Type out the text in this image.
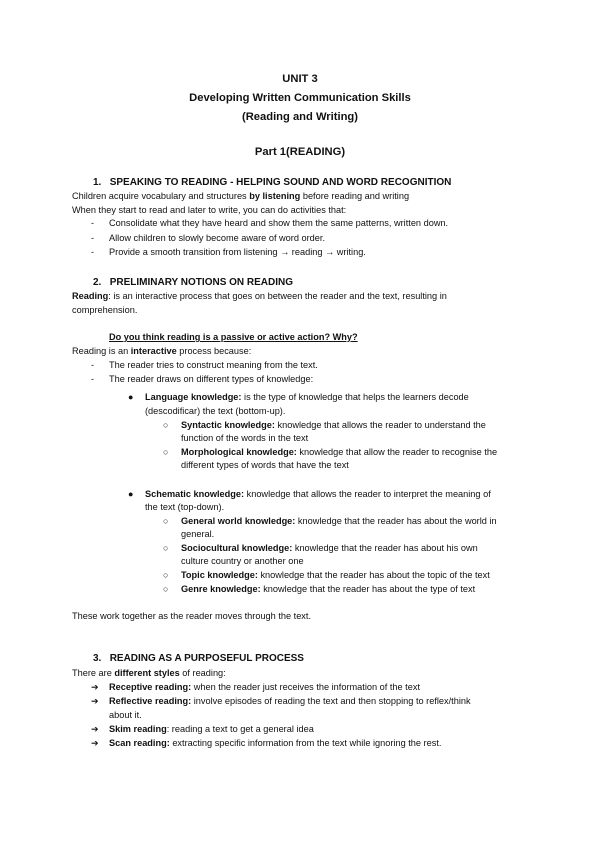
UNIT 3
Developing Written Communication Skills
(Reading and Writing)
Part 1(READING)
1. SPEAKING TO READING - HELPING SOUND AND WORD RECOGNITION
Children acquire vocabulary and structures by listening before reading and writing
When they start to read and later to write, you can do activities that:
- Consolidate what they have heard and show them the same patterns, written down.
- Allow children to slowly become aware of word order.
- Provide a smooth transition from listening → reading → writing.
2. PRELIMINARY NOTIONS ON READING
Reading: is an interactive process that goes on between the reader and the text, resulting in
comprehension.
Do you think reading is a passive or active action? Why?
Reading is an interactive process because:
- The reader tries to construct meaning from the text.
- The reader draws on different types of knowledge:
● Language knowledge: is the type of knowledge that helps the learners decode
(descodificar) the text (bottom-up).
○ Syntactic knowledge: knowledge that allows the reader to understand the
function of the words in the text
○ Morphological knowledge: knowledge that allow the reader to recognise the
different types of words that have the text
● Schematic knowledge: knowledge that allows the reader to interpret the meaning of
the text (top-down).
○ General world knowledge: knowledge that the reader has about the world in
general.
○ Sociocultural knowledge: knowledge that the reader has about his own
culture country or another one
○ Topic knowledge: knowledge that the reader has about the topic of the text
○ Genre knowledge: knowledge that the reader has about the type of text
These work together as the reader moves through the text.
3. READING AS A PURPOSEFUL PROCESS
There are different styles of reading:
➔ Receptive reading: when the reader just receives the information of the text
➔ Reflective reading: involve episodes of reading the text and then stopping to reflex/think
about it.
➔ Skim reading: reading a text to get a general idea
➔ Scan reading: extracting specific information from the text while ignoring the rest.
